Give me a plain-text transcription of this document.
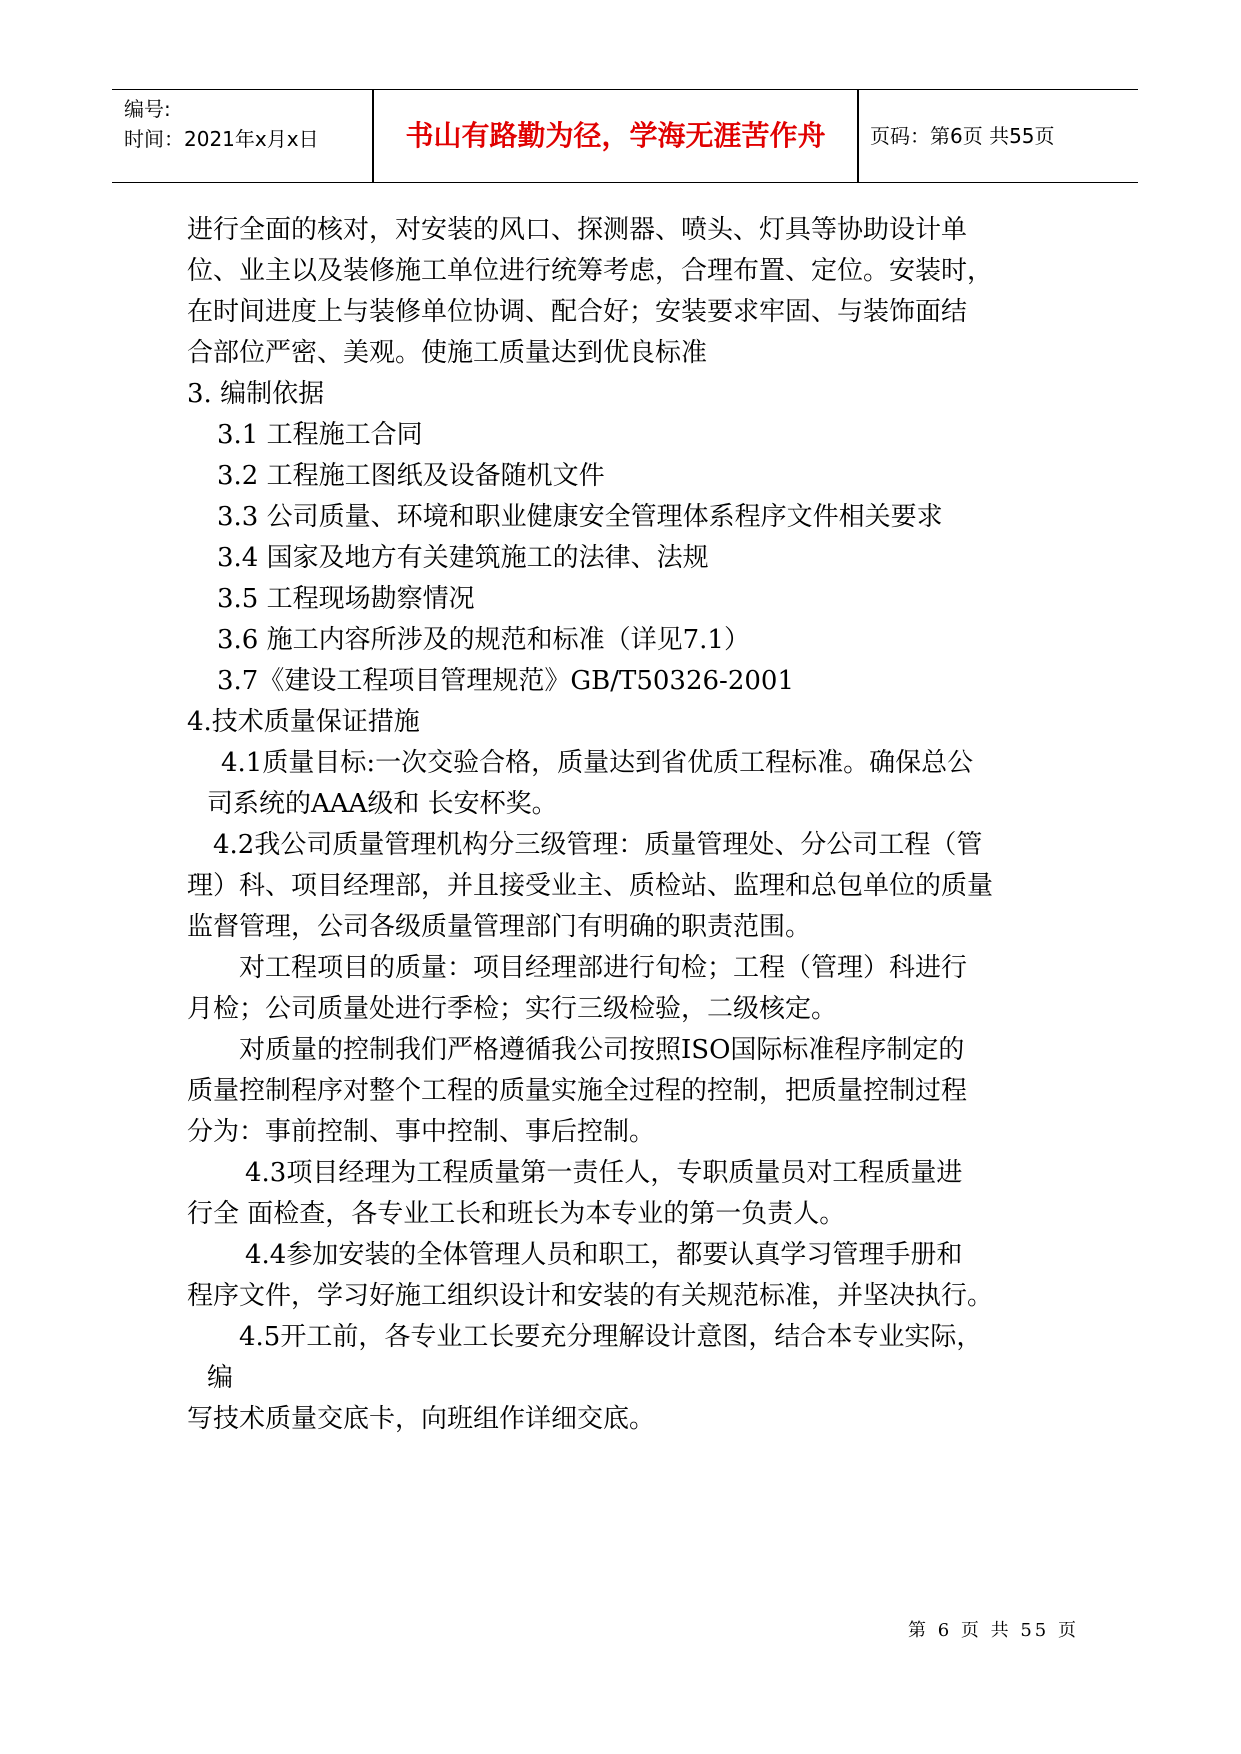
编号:
时间：2021年x月x日	书山有路勤为径，学海无涯苦作舟	页码：第6页 共55页
进行全面的核对，对安装的风口、探测器、喷头、灯具等协助设计单
位、业主以及装修施工单位进行统筹考虑，合理布置、定位。安装时，
在时间进度上与装修单位协调、配合好；安装要求牢固、与装饰面结
合部位严密、美观。使施工质量达到优良标准
3. 编制依据
3.1 工程施工合同
3.2 工程施工图纸及设备随机文件
3.3 公司质量、环境和职业健康安全管理体系程序文件相关要求
3.4 国家及地方有关建筑施工的法律、法规
3.5 工程现场勘察情况
3.6 施工内容所涉及的规范和标准（详见7.1）
3.7《建设工程项目管理规范》GB/T50326-2001
4.技术质量保证措施
4.1质量目标:一次交验合格，质量达到省优质工程标准。确保总公
司系统的AAA级和 长安杯奖。
4.2我公司质量管理机构分三级管理：质量管理处、分公司工程（管
理）科、项目经理部，并且接受业主、质检站、监理和总包单位的质量
监督管理，公司各级质量管理部门有明确的职责范围。
对工程项目的质量：项目经理部进行旬检；工程（管理）科进行
月检；公司质量处进行季检；实行三级检验，二级核定。
对质量的控制我们严格遵循我公司按照ISO国际标准程序制定的
质量控制程序对整个工程的质量实施全过程的控制，把质量控制过程
分为：事前控制、事中控制、事后控制。
4.3项目经理为工程质量第一责任人，专职质量员对工程质量进
行全 面检查，各专业工长和班长为本专业的第一负责人。
4.4参加安装的全体管理人员和职工，都要认真学习管理手册和
程序文件，学习好施工组织设计和安装的有关规范标准，并坚决执行。
4.5开工前，各专业工长要充分理解设计意图，结合本专业实际，
编
写技术质量交底卡，向班组作详细交底。
第 6 页 共 55 页
